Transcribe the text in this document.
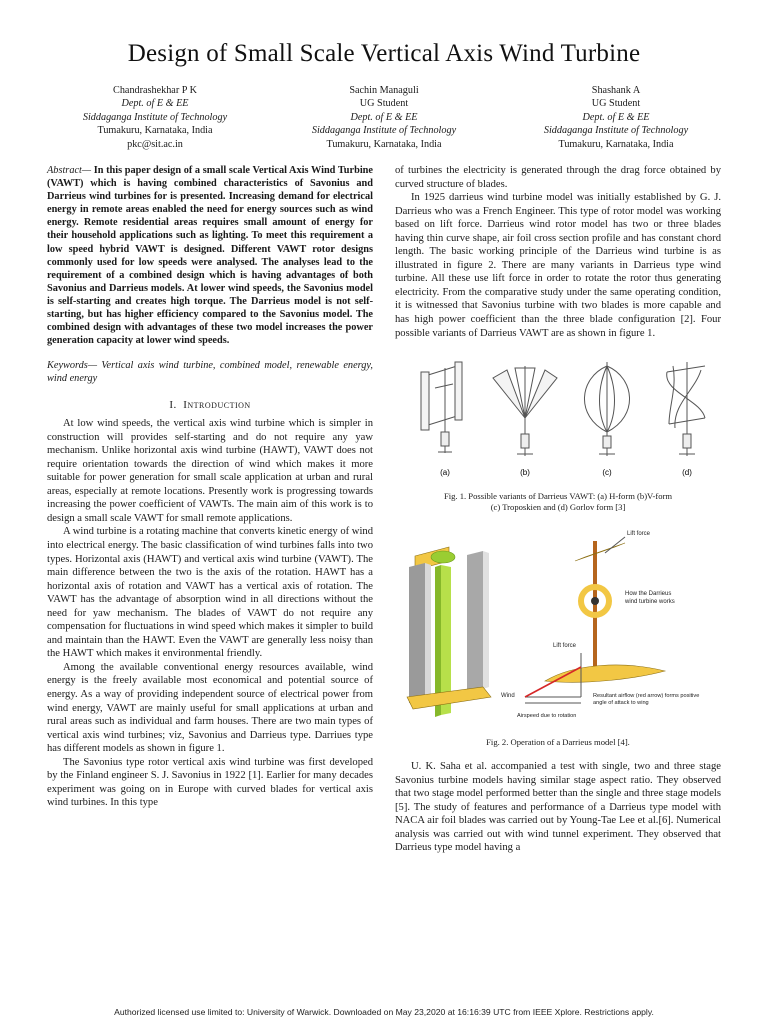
Design of Small Scale Vertical Axis Wind Turbine
Chandrashekhar P K
Dept. of E & EE
Siddaganga Institute of Technology
Tumakuru, Karnataka, India
pkc@sit.ac.in
Sachin Managuli
UG Student
Dept. of E & EE
Siddaganga Institute of Technology
Tumakuru, Karnataka, India
Shashank A
UG Student
Dept. of E & EE
Siddaganga Institute of Technology
Tumakuru, Karnataka, India

Abstract— In this paper design of a small scale Vertical Axis Wind Turbine (VAWT) which is having combined characteristics of Savonius and Darrieus wind turbines for is presented. Increasing demand for electrical energy in remote areas enabled the need for energy sources such as wind energy. Remote residential areas requires small amount of energy for their household applications such as lighting. To meet this requirement a low speed hybrid VAWT is designed. Different VAWT rotor designs commonly used for low speeds were analysed. The analyses lead to the requirement of a combined design which is having advantages of both Savonius and Darrieus models. At lower wind speeds, the Savonius model is self-starting and creates high torque. The Darrieus model is not self-starting, but has higher efficiency compared to the Savonius model. The combined design with advantages of these two model increases the power generation capacity at lower wind speeds.

Keywords— Vertical axis wind turbine, combined model, renewable energy, wind energy

I. Introduction

At low wind speeds, the vertical axis wind turbine which is simpler in construction will provides self-starting and do not require any yaw mechanism. Unlike horizontal axis wind turbine (HAWT), VAWT does not require orientation towards the direction of wind which makes it more suitable for power generation for small scale application at urban and rural areas, especially at remote locations. Presently work is progressing towards increasing the power coefficient of VAWTs. The main aim of this work is to design a small scale VAWT for small remote applications.

A wind turbine is a rotating machine that converts kinetic energy of wind into electrical energy. The basic classification of wind turbines falls into two types. Horizontal axis (HAWT) and vertical axis wind turbine (VAWT). The main difference between the two is the axis of the rotation. HAWT has a horizontal axis of rotation and VAWT has a vertical axis of rotation. The VAWT has the advantage of absorption wind in all directions without the need for yaw mechanism. The blades of VAWT do not require any compensation for fluctuations in wind speed which makes it simpler to build and maintain than the HAWT. Even the VAWT are generally less noisy than the HAWT which makes it environmental friendly.

Among the available conventional energy resources available, wind energy is the freely available most economical and potential source of energy. As a way of providing independent source of electrical power from wind energy, VAWT are mainly useful for small applications at urban and rural areas such as individual and farm houses. There are two main types of vertical axis wind turbines; viz, Savonius and Darrieus type. Darriues type has different models as shown in figure 1.

The Savonius type rotor vertical axis wind turbine was first developed by the Finland engineer S. J. Savonius in 1922 [1]. Earlier for many decades experiment was going on in Europe with curved blades for vertical axis wind turbines. In this type

of turbines the electricity is generated through the drag force obtained by curved structure of blades.

In 1925 darrieus wind turbine model was initially established by G. J. Darrieus who was a French Engineer. This type of rotor model was working based on lift force. Darrieus wind rotor model has two or three blades having thin curve shape, air foil cross section profile and has constant chord length. The basic working principle of the Darrieus wind turbine is as illustrated in figure 2. There are many variants in Darrieus type wind turbine. All these use lift force in order to rotate the rotor thus generating electricity. From the comparative study under the same operating condition, it is witnessed that Savonius turbine with two blades is more capable and has high power coefficient than the three blade configuration [2]. Four possible variants of Darrieus VAWT are as shown in figure 1.

(a)	(b)	(c)	(d)
Fig. 1. Possible variants of Darrieus VAWT: (a) H-form (b)V-form
(c) Troposkien and (d) Gorlov form [3]
Lift force
How the Darrieus
wind turbine works
Lift force
Wind	Resultant airflow (red arrow) forms positive
angle of attack to wing
Airspeed due to rotation
Fig. 2. Operation of a Darrieus model [4].

U. K. Saha et al. accompanied a test with single, two and three stage Savonius turbine models having similar stage aspect ratio. They observed that two stage model performed better than the single and three stage models [5]. The study of features and performance of a Darrieus type model with NACA air foil blades was carried out by Young-Tae Lee et al.[6]. Numerical analysis was carried out with wind tunnel experiment. They observed that Darrieus type model having a

Authorized licensed use limited to: University of Warwick. Downloaded on May 23,2020 at 16:16:39 UTC from IEEE Xplore. Restrictions apply.
